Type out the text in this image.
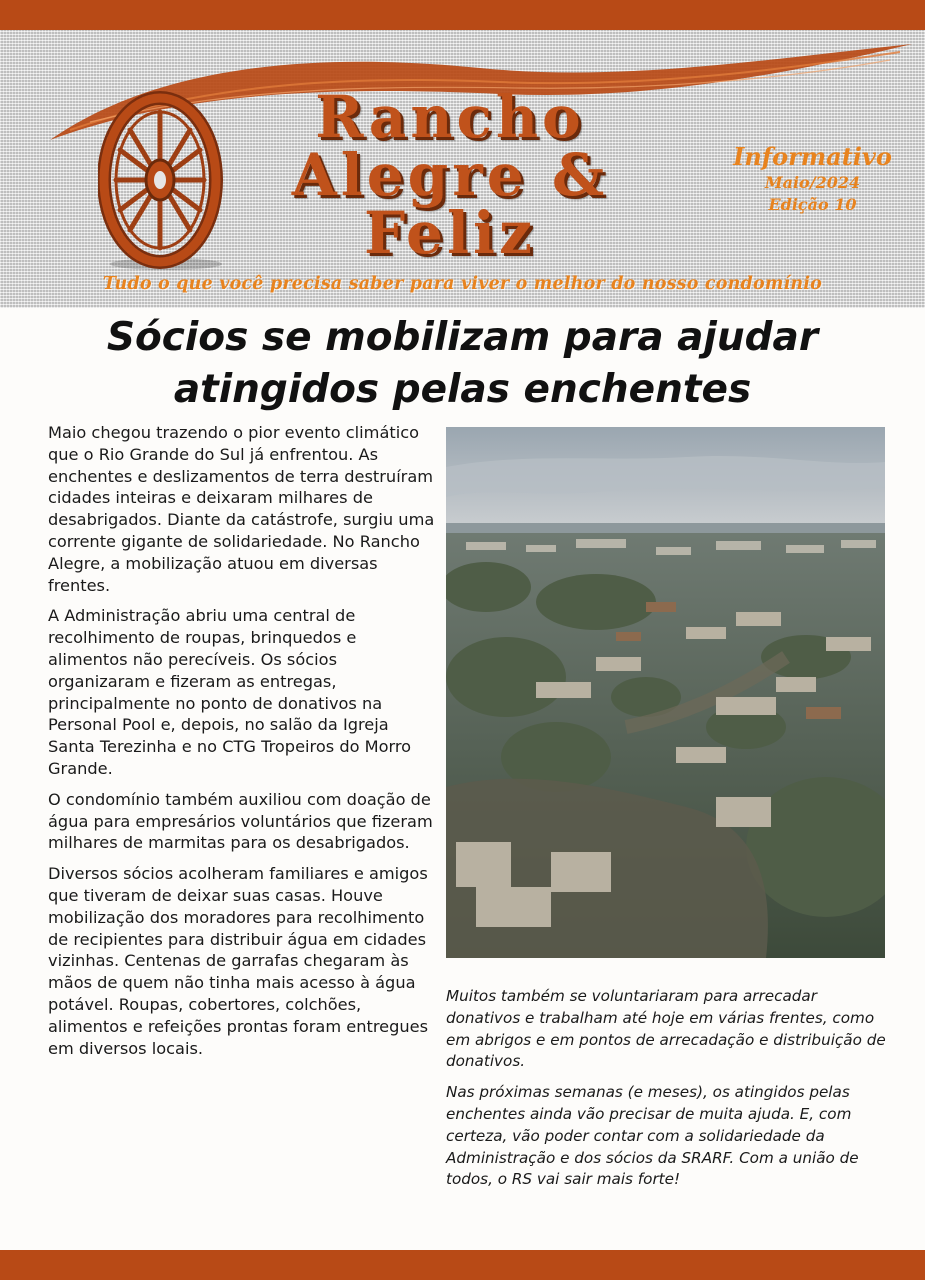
Rancho
Alegre &
Feliz
Informativo
Maio/2024
Edição 10
Tudo o que você precisa saber para viver o melhor do nosso condomínio
Sócios se mobilizam para ajudar
atingidos pelas enchentes

Maio chegou trazendo o pior evento climático que o Rio Grande do Sul já enfrentou. As enchentes e deslizamentos de terra destruíram cidades inteiras e deixaram milhares de desabrigados. Diante da catástrofe, surgiu uma corrente gigante de solidariedade. No Rancho Alegre, a mobilização atuou em diversas frentes.

A Administração abriu uma central de recolhimento de roupas, brinquedos e alimentos não perecíveis. Os sócios organizaram e fizeram as entregas, principalmente no ponto de donativos na Personal Pool e, depois, no salão da Igreja Santa Terezinha e no CTG Tropeiros do Morro Grande.

O condomínio também auxiliou com doação de água para empresários voluntários que fizeram milhares de marmitas para os desabrigados.

Diversos sócios acolheram familiares e amigos que tiveram de deixar suas casas. Houve mobilização dos moradores para recolhimento de recipientes para distribuir água em cidades vizinhas. Centenas de garrafas chegaram às mãos de quem não tinha mais acesso à água potável. Roupas, cobertores, colchões, alimentos e refeições prontas foram entregues em diversos locais.

Muitos também se voluntariaram para arrecadar donativos e trabalham até hoje em várias frentes, como em abrigos e em pontos de arrecadação e distribuição de donativos.

Nas próximas semanas (e meses), os atingidos pelas enchentes ainda vão precisar de muita ajuda. E, com certeza, vão poder contar com a solidariedade da Administração e dos sócios da SRARF. Com a união de todos, o RS vai sair mais forte!
